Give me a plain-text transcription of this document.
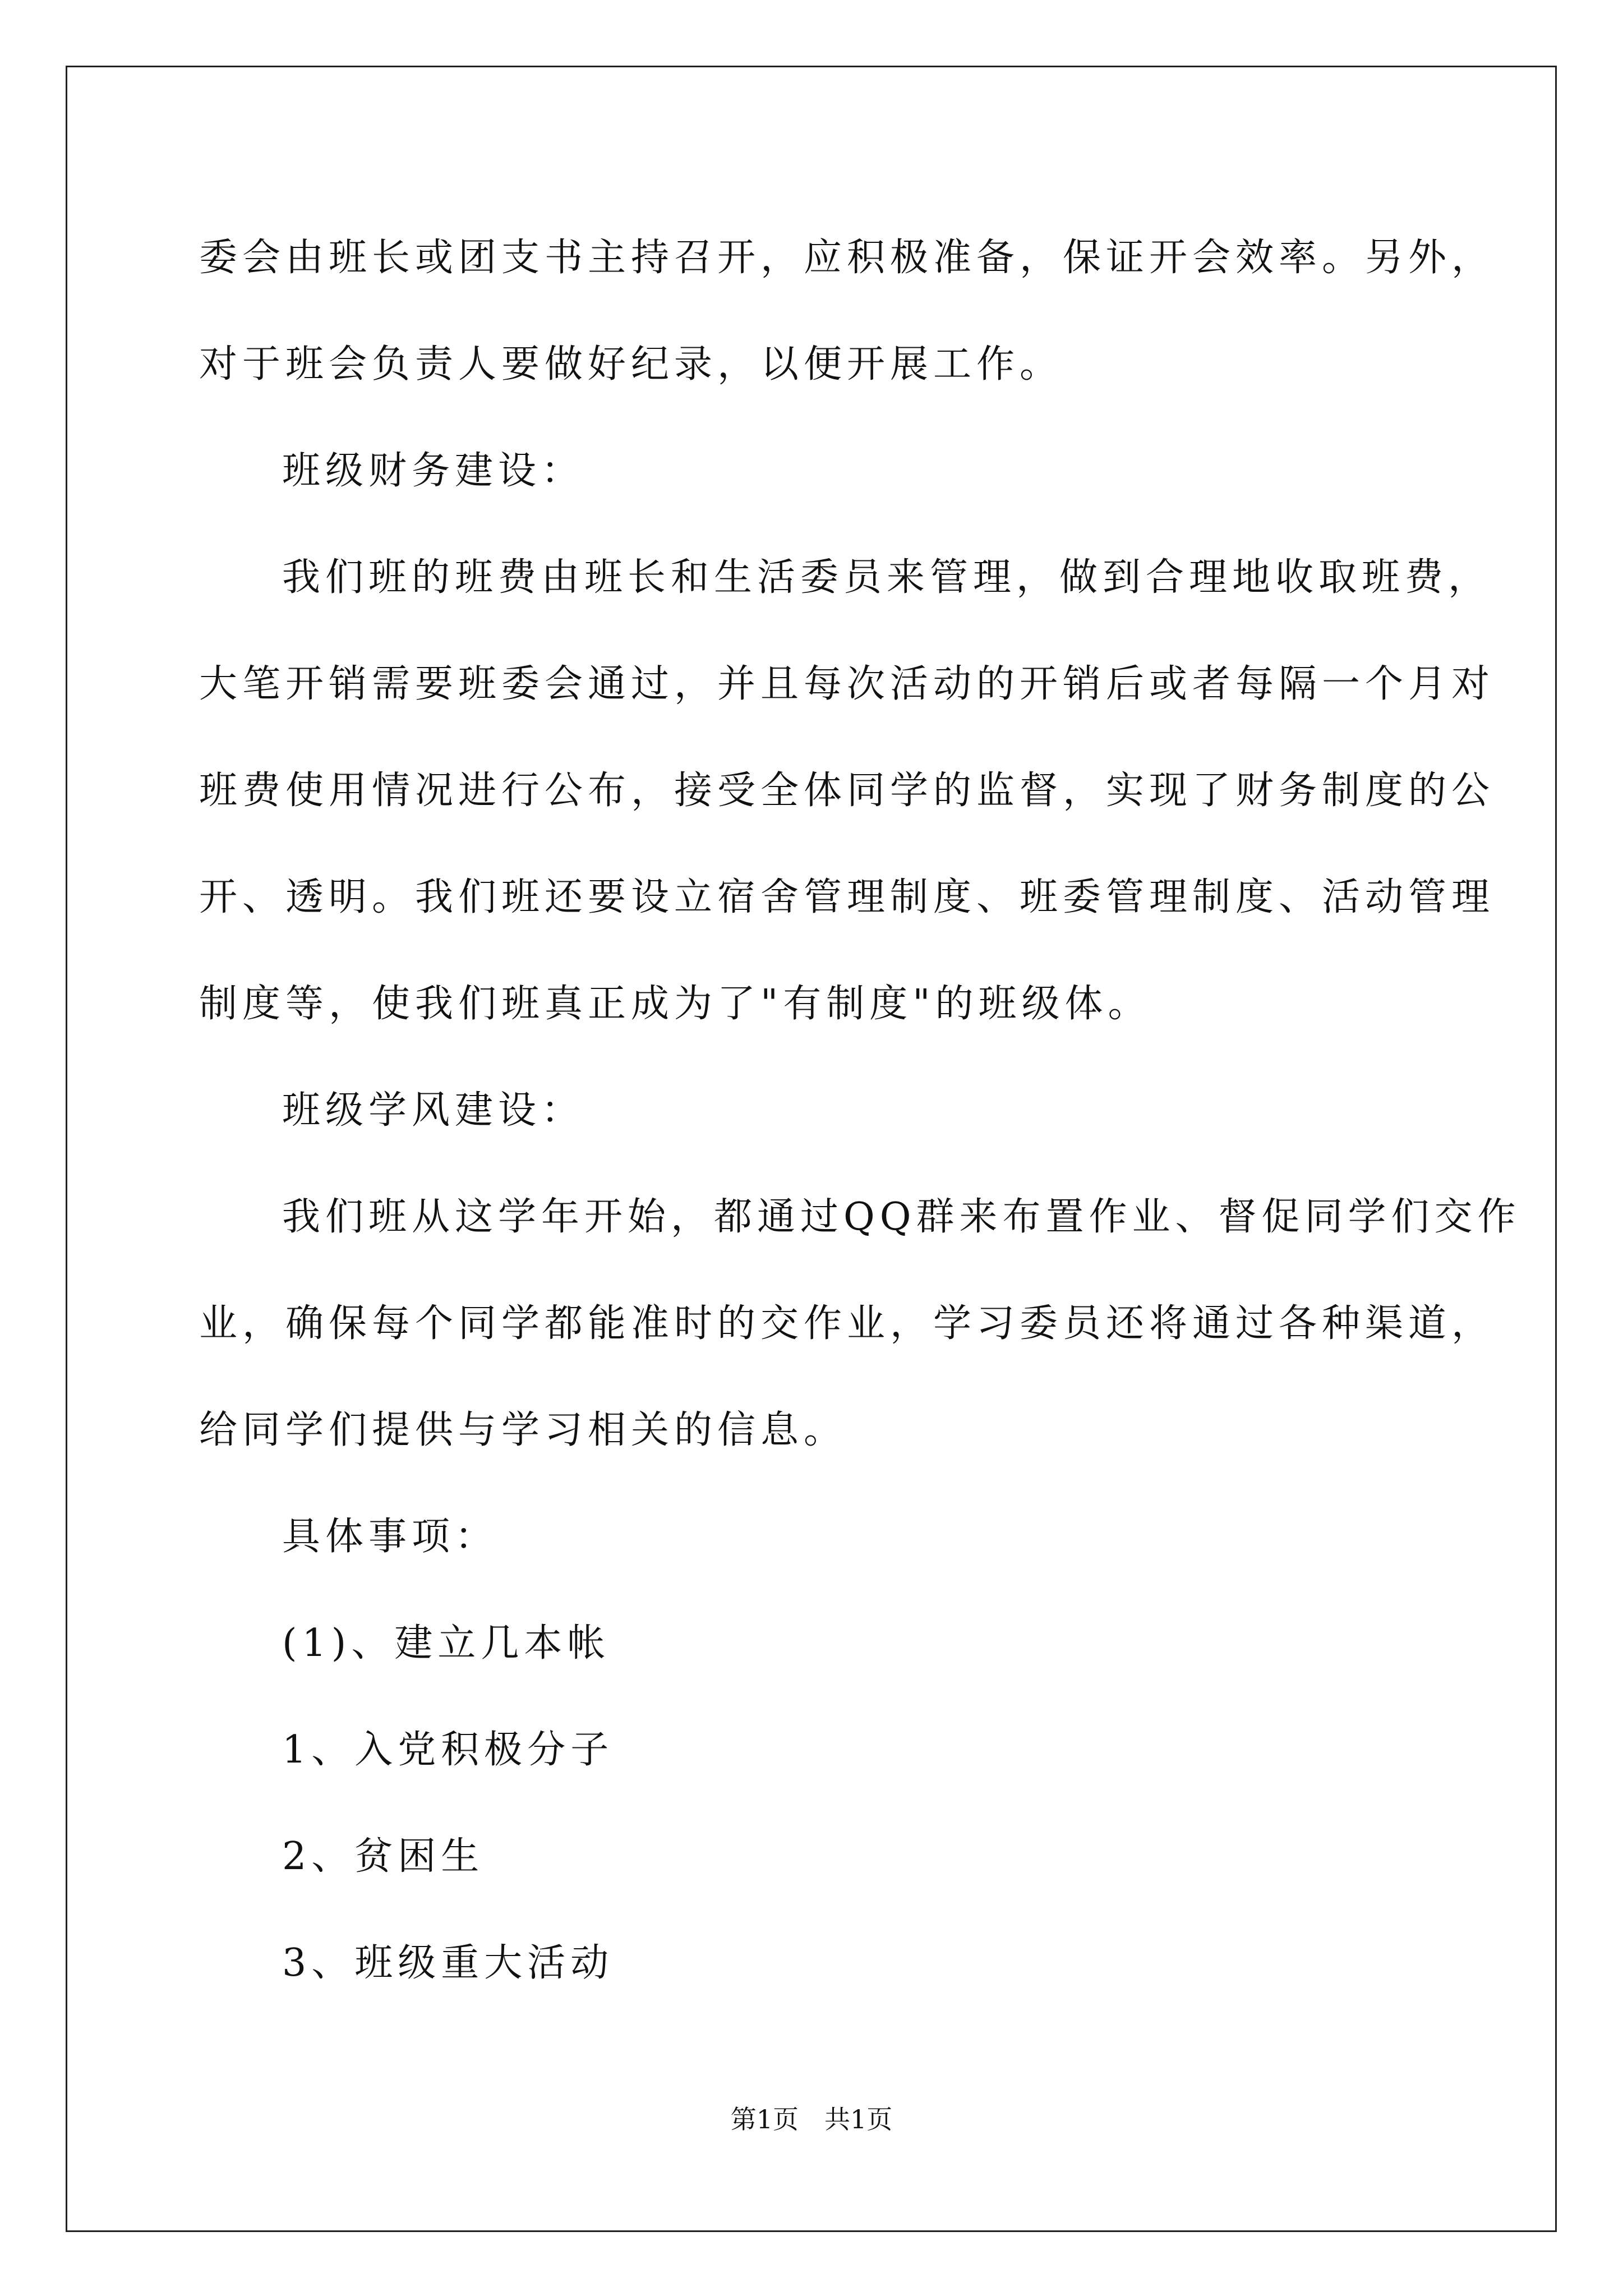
委会由班长或团支书主持召开，应积极准备，保证开会效率。另外，
对于班会负责人要做好纪录，以便开展工作。
班级财务建设：
我们班的班费由班长和生活委员来管理，做到合理地收取班费，
大笔开销需要班委会通过，并且每次活动的开销后或者每隔一个月对
班费使用情况进行公布，接受全体同学的监督，实现了财务制度的公
开、透明。我们班还要设立宿舍管理制度、班委管理制度、活动管理
制度等，使我们班真正成为了"有制度"的班级体。
班级学风建设：
我们班从这学年开始，都通过QQ群来布置作业、督促同学们交作
业，确保每个同学都能准时的交作业，学习委员还将通过各种渠道，
给同学们提供与学习相关的信息。
具体事项：
(1)、建立几本帐
1、入党积极分子
2、贫困生
3、班级重大活动
第1页　共1页
